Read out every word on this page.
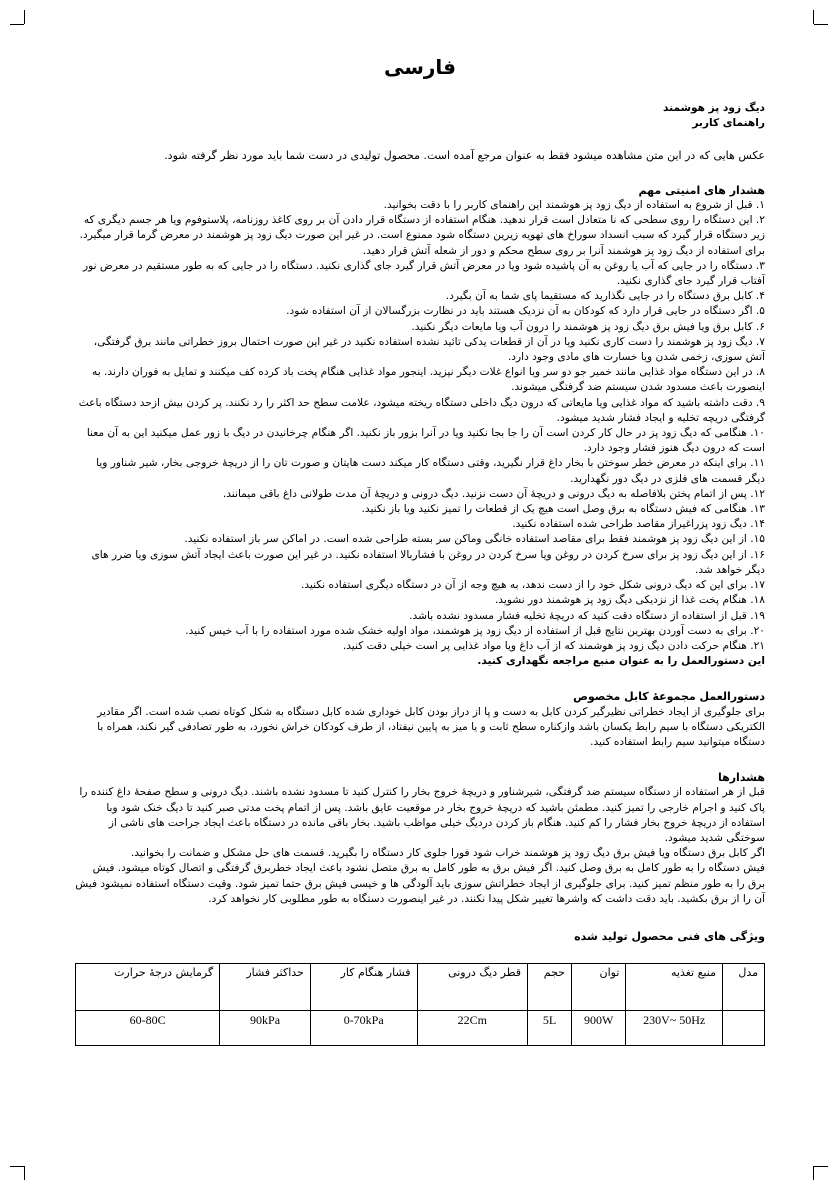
فارسی
دیگ زود پز هوشمند
راهنمای کاربر

عکس هایی که در این متن مشاهده میشود فقط به عنوان مرجع آمده است. محصول تولیدی در دست شما باید مورد نظر گرفته شود.

هشدار های امنیتی مهم
۱. قبل از شروع به استفاده از دیگ زود پز هوشمند این راهنمای کاربر را با دقت بخوانید.
۲. این دستگاه را روی سطحی که نا متعادل است قرار ندهید. هنگام استفاده از دستگاه قرار دادن آن بر روی کاغذ روزنامه، پلاستوفوم ویا هر جسم دیگری که زیر دستگاه قرار گیرد که سبب انسداد سوراخ های تهویه زیرین دستگاه شود ممنوع است. در غیر این صورت دیگ زود پز هوشمند در معرض گرما قرار میگیرد. برای استفاده از دیگ زود پز هوشمند آنرا بر روی سطح محکم و دور از شعله آتش قرار دهید.
۳. دستگاه را در جایی که آب یا روغن به آن پاشیده شود ویا در معرض آتش قرار گیرد جای گذاری نکنید. دستگاه را در جایی که به طور مستقیم در معرض نور آفتاب قرار گیرد جای گذاری نکنید.
۴. کابل برق دستگاه را در جایی نگذارید که مستقیما پای شما به آن بگیرد.
۵. اگر دستگاه در جایی قرار دارد که کودکان به آن نزدیک هستند باید در نظارت بزرگسالان از آن استفاده شود.
۶. کابل برق ویا فیش برق دیگ زود پز هوشمند را درون آب ویا مایعات دیگر نکنید.
۷. دیگ زود پز هوشمند را دست کاری نکنید ویا در آن از قطعات یدکی تائید نشده استفاده نکنید در غیر این صورت احتمال بروز خطراتی مانند برق گرفتگی، آتش سوزی، زخمی شدن ویا خسارت های مادی وجود دارد.
۸. در این دستگاه مواد غذایی مانند خمیر جو دو سر ویا انواع غلات دیگر نپزید. اینجور مواد غذایی هنگام پخت باد کرده کف میکنند و تمایل به فوران دارند. به اینصورت باعث مسدود شدن سیستم ضد گرفتگی میشوند.
۹. دقت داشته باشید که مواد غذایی ویا مایعاتی که درون دیگ داخلی دستگاه ریخته میشود، علامت سطح حد اکثر را رد نکنند. پر کردن بیش ازحد دستگاه باعث گرفتگی دریچه تخلیه و ایجاد فشار شدید میشود.
۱۰. هنگامی که دیگ زود پز در حال کار کردن است آن را جا بجا نکنید ویا در آنرا بزور باز نکنید. اگر هنگام چرخانیدن در دیگ با زور عمل میکنید این به آن معنا است که درون دیگ هنوز فشار وجود دارد.
۱۱. برای اینکه در معرض خطر سوختن با بخار داغ قرار نگیرید، وقتی دستگاه کار میکند دست هایتان و صورت تان را از دریچهٔ خروجی بخار، شیر شناور ویا دیگر قسمت های فلزی در دیگ دور نگهدارید.
۱۲. پس از اتمام پختن بلافاصله به دیگ درونی و دریچهٔ آن دست نزنید. دیگ درونی و دریچهٔ آن مدت طولانی داغ باقی میمانند.
۱۳. هنگامی که فیش دستگاه به برق وصل است هیچ یک از قطعات را تمیز نکنید ویا باز نکنید.
۱۴. دیگ زود پزراغیراز مقاصد طراحی شده استفاده نکنید.
۱۵. از این دیگ زود پز هوشمند فقط برای مقاصد استفاده خانگی وماکن سر بسته طراحی شده است. در اماکن سر باز استفاده نکنید.
۱۶. از این دیگ زود پز برای سرخ کردن در روغن ویا سرخ کردن در روغن با فشاربالا استفاده نکنید. در غیر این صورت باعث ایجاد آتش سوزی ویا ضرر های دیگر خواهد شد.
۱۷. برای این که دیگ درونی شکل خود را از دست ندهد، به هیچ وجه از آن در دستگاه دیگری استفاده نکنید.
۱۸. هنگام پخت غذا از نزدیکی دیگ زود پز هوشمند دور نشوید.
۱۹. قبل از استفاده از دستگاه دقت کنید که دریچهٔ تخلیه فشار مسدود نشده باشد.
۲۰. برای به دست آوردن بهترین نتایج قبل از استفاده از دیگ زود پز هوشمند، مواد اولیه خشک شده مورد استفاده را با آب خیس کنید.
۲۱. هنگام حرکت دادن دیگ زود پز هوشمند که از آب داغ ویا مواد غذایی پر است خیلی دقت کنید.

این دستورالعمل را به عنوان منبع مراجعه نگهداری کنید.

دستورالعمل مجموعهٔ کابل مخصوص

برای جلوگیری از ایجاد خطراتی نظیرگیر کردن کابل به دست و پا از دراز بودن کابل خوداری شده کابل دستگاه به شکل کوتاه نصب شده است. اگر مقادیر الکتریکی دستگاه با سیم رابط یکسان باشد وازکناره سطح ثابت و یا میز به پایین نیفتاد، از طرف کودکان خراش نخورد، به طور تصادفی گیر نکند، همراه با دستگاه میتوانید سیم رابط استفاده کنید.

هشدارها

قبل از هر استفاده از دستگاه سیستم ضد گرفتگی، شیرشناور و دریچهٔ خروج بخار را کنترل کنید تا مسدود نشده باشند. دیگ درونی و سطح صفحهٔ داغ کننده را پاک کنید و اجرام خارجی را تمیز کنید. مطمئن باشید که دریچهٔ خروج بخار در موقعیت عایق باشد. پس از اتمام پخت مدتی صبر کنید تا دیگ خنک شود وبا استفاده از دریچهٔ خروج بخار فشار را کم کنید. هنگام باز کردن دردیگ خیلی مواظب باشید. بخار باقی مانده در دستگاه باعث ایجاد جراحت های ناشی از سوختگی شدید میشود.

اگر کابل برق دستگاه ویا فیش برق دیگ زود پز هوشمند خراب شود فورا جلوی کار دستگاه را بگیرید. قسمت های حل مشکل و ضمانت را بخوانید.

فیش دستگاه را به طور کامل به برق وصل کنید. اگر فیش برق به طور کامل به برق متصل نشود باعث ایجاد خطربرق گرفتگی و اتصال کوتاه میشود. فیش برق را به طور منظم تمیز کنید. برای جلوگیری از ایجاد خطراتش سوزی باید آلودگی ها و خیسی فیش برق حتما تمیز شود. وقیت دستگاه استفاده نمیشود فیش آن را از برق بکشید. باید دقت داشت که واشرها تغییر شکل پیدا نکنند. در غیر اینصورت دستگاه به طور مطلوبی کار نخواهد کرد.

ویژگی های فنی محصول تولید شده
مدل	منبع تغذیه	توان	حجم	قطر دیگ درونی	فشار هنگام کار	حداکثر فشار	گرمایش درجهٔ حرارت
	230V~ 50Hz	900W	5L	22Cm	0-70kPa	90kPa	60-80C
